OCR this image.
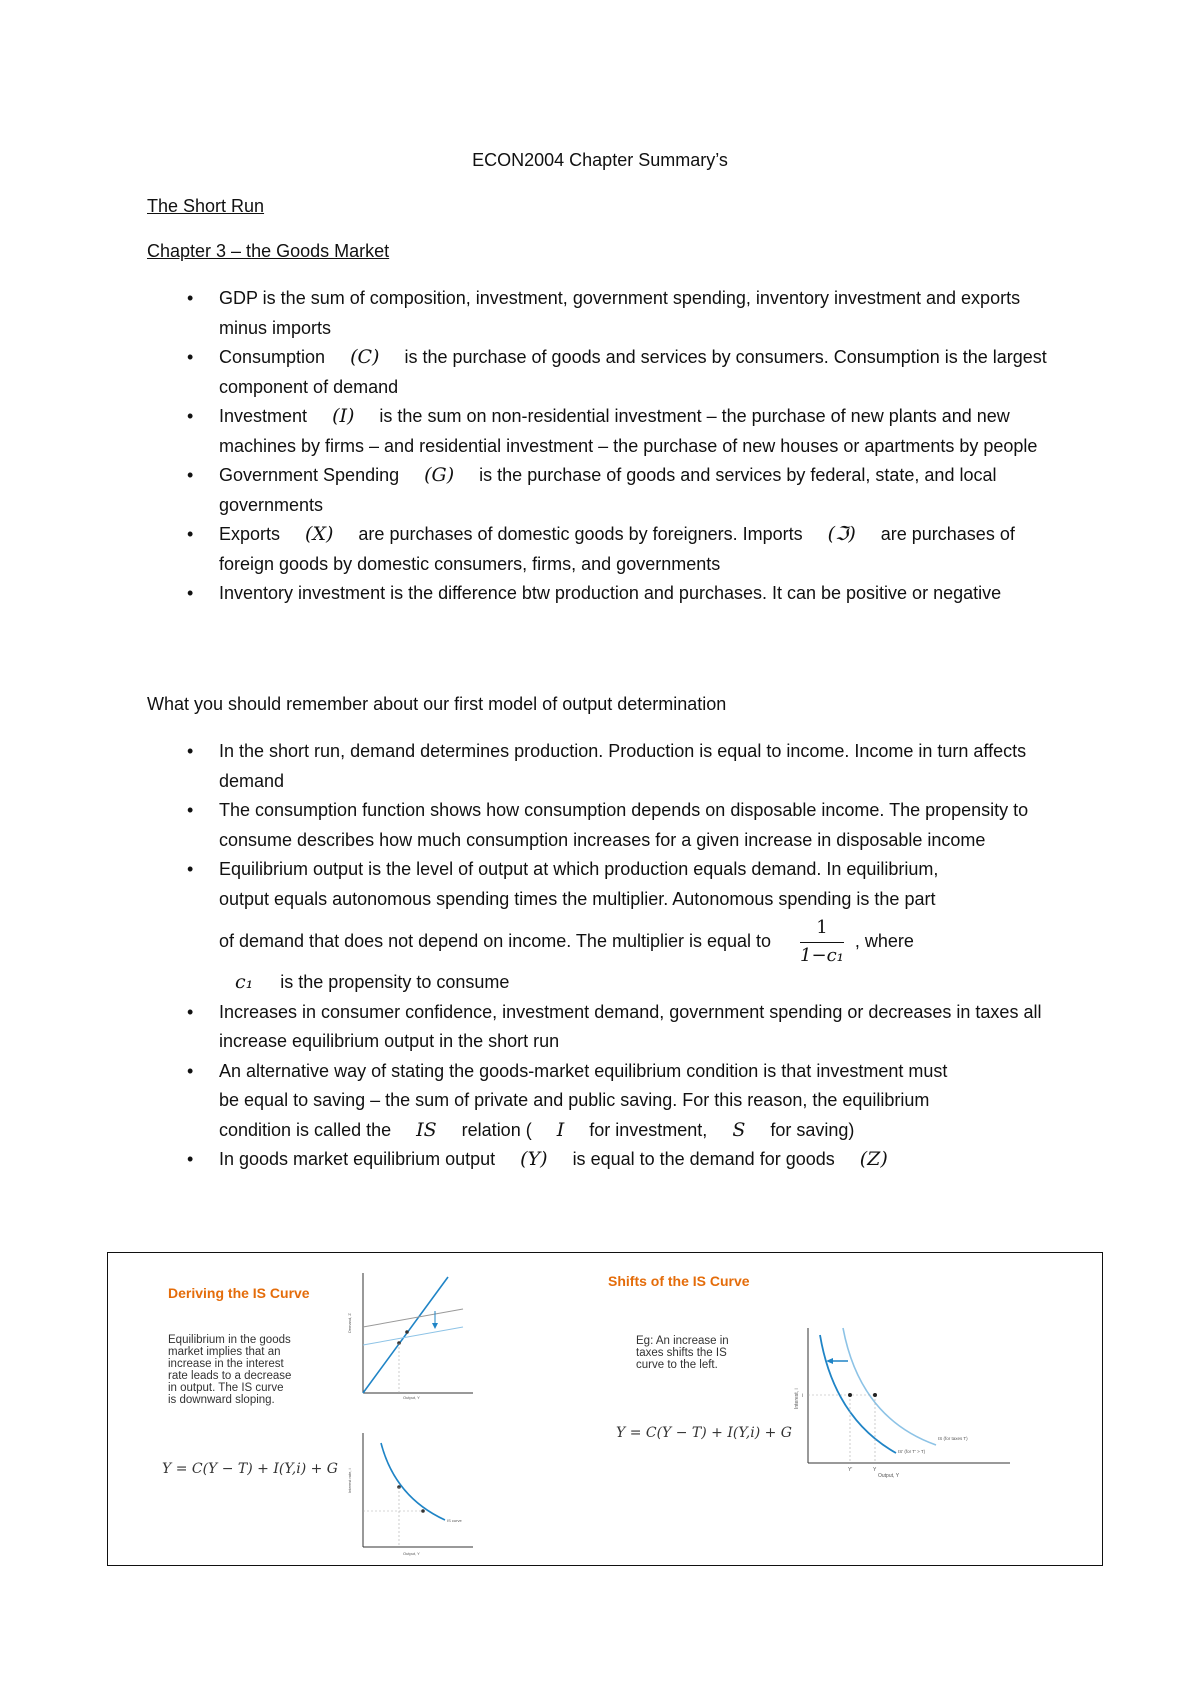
ECON2004 Chapter Summary’s
The Short Run
Chapter 3 – the Goods Market
• GDP is the sum of composition, investment, government spending, inventory investment and exports minus imports
• Consumption (C) is the purchase of goods and services by consumers. Consumption is the largest component of demand
• Investment (I) is the sum on non-residential investment – the purchase of new plants and new machines by firms – and residential investment – the purchase of new houses or apartments by people
• Government Spending (G) is the purchase of goods and services by federal, state, and local governments
• Exports (X) are purchases of domestic goods by foreigners. Imports (ℑ) are purchases of foreign goods by domestic consumers, firms, and governments
• Inventory investment is the difference btw production and purchases. It can be positive or negative
What you should remember about our first model of output determination
• In the short run, demand determines production. Production is equal to income. Income in turn affects demand
• The consumption function shows how consumption depends on disposable income. The propensity to consume describes how much consumption increases for a given increase in disposable income
• Equilibrium output is the level of output at which production equals demand. In equilibrium,
output equals autonomous spending times the multiplier. Autonomous spending is the part
of demand that does not depend on income. The multiplier is equal to $\frac{1}{\text{1−c₁}}$ , where
c₁ is the propensity to consume
• Increases in consumer confidence, investment demand, government spending or decreases in taxes all increase equilibrium output in the short run
• An alternative way of stating the goods-market equilibrium condition is that investment must
be equal to saving – the sum of private and public saving. For this reason, the equilibrium
condition is called the IS relation ( I for investment, S for saving)
• In goods market equilibrium output (Y) is equal to the demand for goods (Z)
Deriving the IS Curve
Equilibrium in the goods
market implies that an
increase in the interest
rate leads to a decrease
in output. The IS curve
is downward sloping.
Y = C(Y − T) + I(Y,i) + G
Demand, Z
Output, Y
Interest rate, i
Output, Y
IS curve
Shifts of the IS Curve
Eg: An increase in
taxes shifts the IS
curve to the left.
Y = C(Y − T) + I(Y,i) + G
Interest, i
Output, Y
i
Y'	Y
IS (for taxes T)
IS' (for T' > T)
